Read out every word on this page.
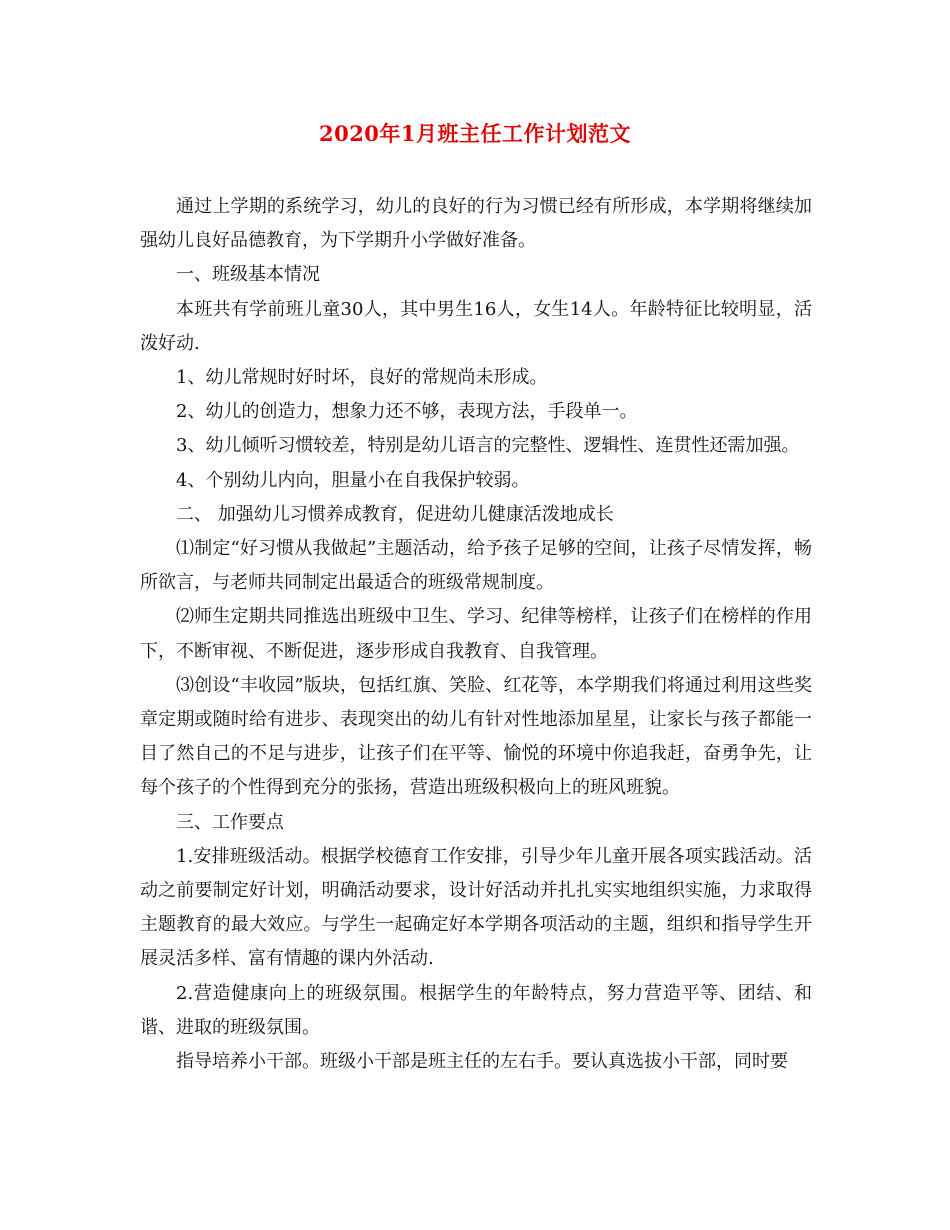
2020年1月班主任工作计划范文

通过上学期的系统学习，幼儿的良好的行为习惯已经有所形成，本学期将继续加强幼儿良好品德教育，为下学期升小学做好准备。

一、班级基本情况

本班共有学前班儿童30人，其中男生16人，女生14人。年龄特征比较明显，活泼好动.

1、幼儿常规时好时坏，良好的常规尚未形成。

2、幼儿的创造力，想象力还不够，表现方法，手段单一。

3、幼儿倾听习惯较差，特别是幼儿语言的完整性、逻辑性、连贯性还需加强。

4、个别幼儿内向，胆量小在自我保护较弱。

二、 加强幼儿习惯养成教育，促进幼儿健康活泼地成长

⑴制定“好习惯从我做起”主题活动，给予孩子足够的空间，让孩子尽情发挥，畅所欲言，与老师共同制定出最适合的班级常规制度。

⑵师生定期共同推选出班级中卫生、学习、纪律等榜样，让孩子们在榜样的作用下，不断审视、不断促进，逐步形成自我教育、自我管理。

⑶创设“丰收园”版块，包括红旗、笑脸、红花等，本学期我们将通过利用这些奖章定期或随时给有进步、表现突出的幼儿有针对性地添加星星，让家长与孩子都能一目了然自己的不足与进步，让孩子们在平等、愉悦的环境中你追我赶，奋勇争先，让每个孩子的个性得到充分的张扬，营造出班级积极向上的班风班貌。

三、工作要点

1.安排班级活动。根据学校德育工作安排，引导少年儿童开展各项实践活动。活动之前要制定好计划，明确活动要求，设计好活动并扎扎实实地组织实施，力求取得主题教育的最大效应。与学生一起确定好本学期各项活动的主题，组织和指导学生开展灵活多样、富有情趣的课内外活动.

2.营造健康向上的班级氛围。根据学生的年龄特点，努力营造平等、团结、和谐、进取的班级氛围。

指导培养小干部。班级小干部是班主任的左右手。要认真选拔小干部，同时要
